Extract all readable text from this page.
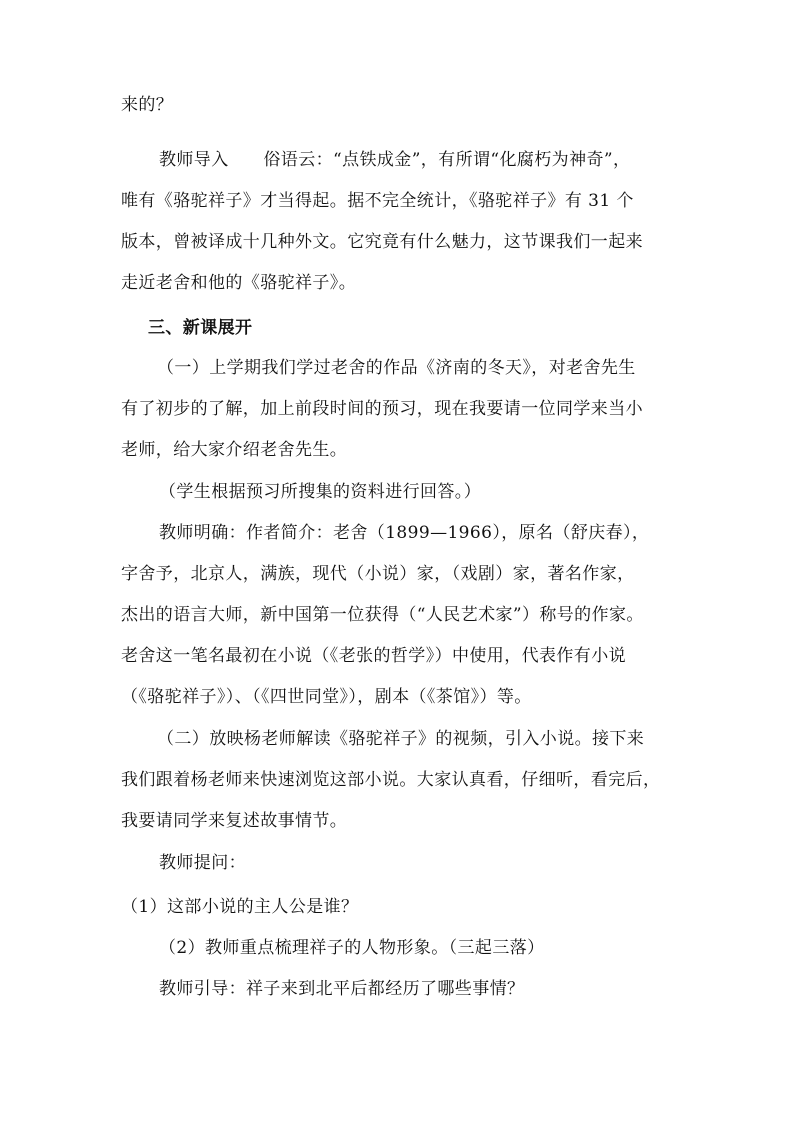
来的？
教师导入　　俗语云：“点铁成金”，有所谓“化腐朽为神奇”，
唯有《骆驼祥子》才当得起。据不完全统计，《骆驼祥子》有 31 个
版本，曾被译成十几种外文。它究竟有什么魅力，这节课我们一起来
走近老舍和他的《骆驼祥子》。
三、新课展开
（一）上学期我们学过老舍的作品《济南的冬天》，对老舍先生
有了初步的了解，加上前段时间的预习，现在我要请一位同学来当小
老师，给大家介绍老舍先生。
（学生根据预习所搜集的资料进行回答。）
教师明确：作者简介：老舍（1899—1966），原名（舒庆春），
字舍予，北京人，满族，现代（小说）家，（戏剧）家，著名作家，
杰出的语言大师，新中国第一位获得（“人民艺术家”）称号的作家。
老舍这一笔名最初在小说（《老张的哲学》）中使用，代表作有小说
（《骆驼祥子》）、（《四世同堂》），剧本（《茶馆》）等。
（二）放映杨老师解读《骆驼祥子》的视频，引入小说。接下来
我们跟着杨老师来快速浏览这部小说。大家认真看，仔细听，看完后，
我要请同学来复述故事情节。
教师提问：
（1）这部小说的主人公是谁？
（2）教师重点梳理祥子的人物形象。（三起三落）
教师引导：祥子来到北平后都经历了哪些事情？
